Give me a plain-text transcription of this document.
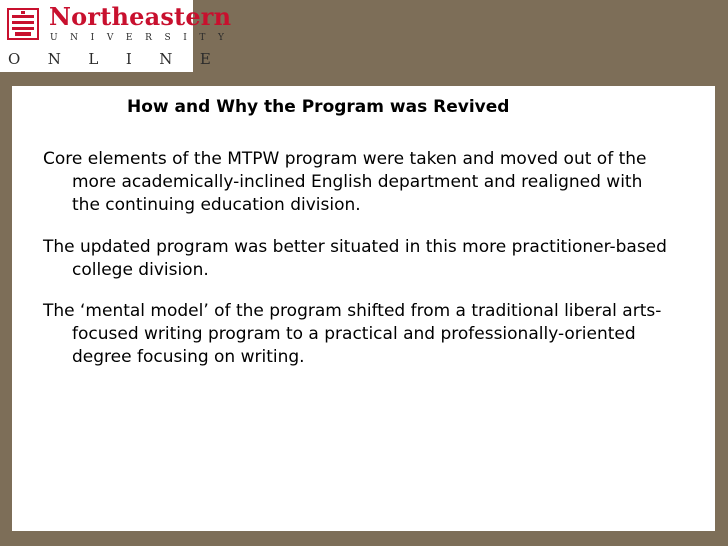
Northeastern
UNIVERSITY
ONLINE
How and Why the Program was Revived
Core elements of the MTPW program were taken and moved out of the more academically-inclined English department and realigned with the continuing education division.
The updated program was better situated in this more practitioner-based college division.
The ‘mental model’ of the program shifted from a traditional liberal arts-focused writing program to a practical and professionally-oriented degree focusing on writing.
